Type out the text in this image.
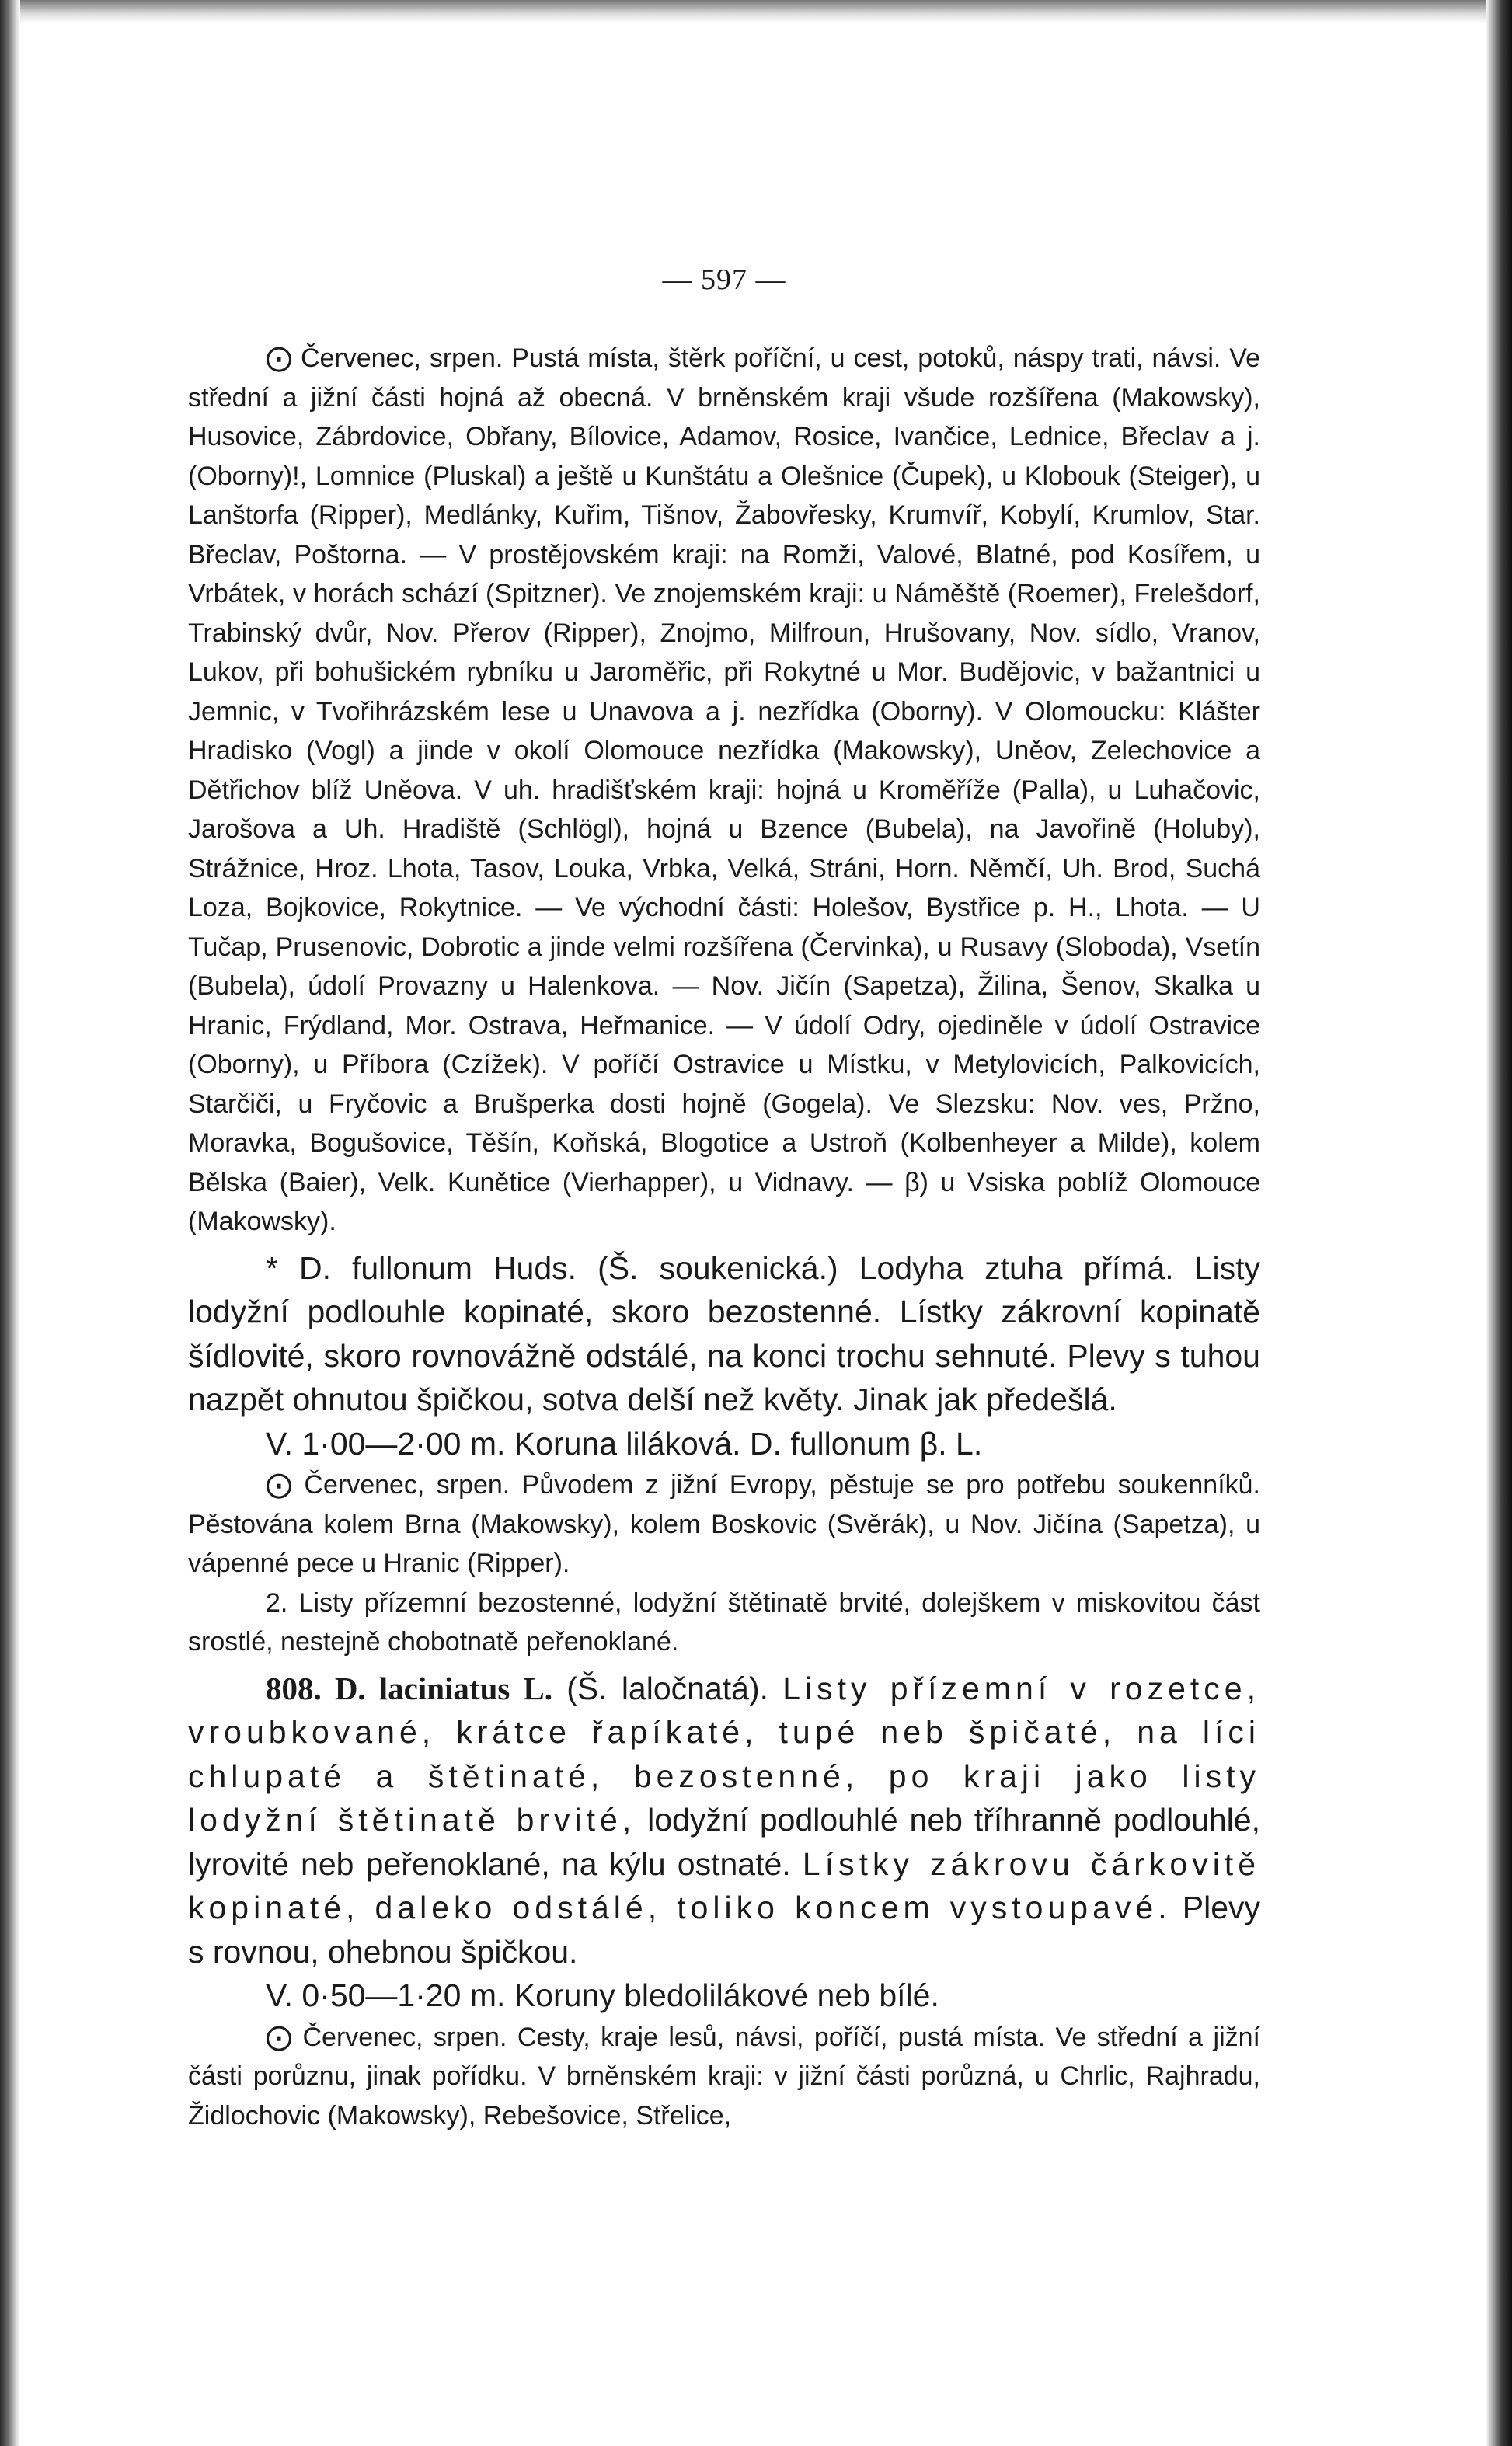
— 597 —

⨀ Červenec, srpen. Pustá místa, štěrk poříční, u cest, potoků, náspy trati, návsi. Ve střední a jižní části hojná až obecná. V brněnském kraji všude rozšířena (Makowsky), Husovice, Zábrdovice, Obřany, Bílovice, Adamov, Rosice, Ivančice, Lednice, Břeclav a j. (Oborny)!, Lomnice (Pluskal) a ještě u Kunštátu a Olešnice (Čupek), u Klobouk (Steiger), u Lanštorfa (Ripper), Medlánky, Kuřim, Tišnov, Žabovřesky, Krumvíř, Kobylí, Krumlov, Star. Břeclav, Poštorna. — V prostějovském kraji: na Romži, Valové, Blatné, pod Kosířem, u Vrbátek, v horách schází (Spitzner). Ve znojemském kraji: u Náměště (Roemer), Frelešdorf, Trabinský dvůr, Nov. Přerov (Ripper), Znojmo, Milfroun, Hrušovany, Nov. sídlo, Vranov, Lukov, při bohušickém rybníku u Jaroměřic, při Rokytné u Mor. Budějovic, v bažantnici u Jemnic, v Tvořihrázském lese u Unavova a j. nezřídka (Oborny). V Olomoucku: Klášter Hradisko (Vogl) a jinde v okolí Olomouce nezřídka (Makowsky), Uněov, Zelechovice a Dětřichov blíž Uněova. V uh. hradišťském kraji: hojná u Kroměříže (Palla), u Luhačovic, Jarošova a Uh. Hradiště (Schlögl), hojná u Bzence (Bubela), na Javořině (Holuby), Strážnice, Hroz. Lhota, Tasov, Louka, Vrbka, Velká, Stráni, Horn. Němčí, Uh. Brod, Suchá Loza, Bojkovice, Rokytnice. — Ve východní části: Holešov, Bystřice p. H., Lhota. — U Tučap, Prusenovic, Dobrotic a jinde velmi rozšířena (Červinka), u Rusavy (Sloboda), Vsetín (Bubela), údolí Provazny u Halenkova. — Nov. Jičín (Sapetza), Žilina, Šenov, Skalka u Hranic, Frýdland, Mor. Ostrava, Heřmanice. — V údolí Odry, ojediněle v údolí Ostravice (Oborny), u Příbora (Czížek). V poříčí Ostravice u Místku, v Metylovicích, Palkovicích, Starčiči, u Fryčovic a Brušperka dosti hojně (Gogela). Ve Slezsku: Nov. ves, Pržno, Moravka, Bogušovice, Těšín, Koňská, Blogotice a Ustroň (Kolbenheyer a Milde), kolem Bělska (Baier), Velk. Kunětice (Vierhapper), u Vidnavy. — β) u Vsiska poblíž Olomouce (Makowsky).

* D. fullonum Huds. (Š. soukenická.) Lodyha ztuha přímá. Listy lodyžní podlouhle kopinaté, skoro bezostenné. Lístky zákrovní kopinatě šídlovité, skoro rovnovážně odstálé, na konci trochu sehnuté. Plevy s tuhou nazpět ohnutou špičkou, sotva delší než květy. Jinak jak předešlá.

V. 1·00—2·00 m. Koruna liláková. D. fullonum β. L.

⨀ Červenec, srpen. Původem z jižní Evropy, pěstuje se pro potřebu soukenníků. Pěstována kolem Brna (Makowsky), kolem Boskovic (Svěrák), u Nov. Jičína (Sapetza), u vápenné pece u Hranic (Ripper).

2. Listy přízemní bezostenné, lodyžní štětinatě brvité, dolejškem v miskovitou část srostlé, nestejně chobotnatě peřenoklané.

808. D. laciniatus L. (Š. laločnatá). Listy přízemní v rozetce, vroubkované, krátce řapíkaté, tupé neb špičaté, na líci chlupaté a štětinaté, bezostenné, po kraji jako listy lodyžní štětinatě brvité, lodyžní podlouhlé neb tříhranně podlouhlé, lyrovité neb peřenoklané, na kýlu ostnaté. Lístky zákrovu čárkovitě kopinaté, daleko odstálé, toliko koncem vystoupavé. Plevy s rovnou, ohebnou špičkou.

V. 0·50—1·20 m. Koruny bledolilákové neb bílé.

⨀ Červenec, srpen. Cesty, kraje lesů, návsi, poříčí, pustá místa. Ve střední a jižní části porůznu, jinak pořídku. V brněnském kraji: v jižní části porůzná, u Chrlic, Rajhradu, Židlochovic (Makowsky), Rebešovice, Střelice,
